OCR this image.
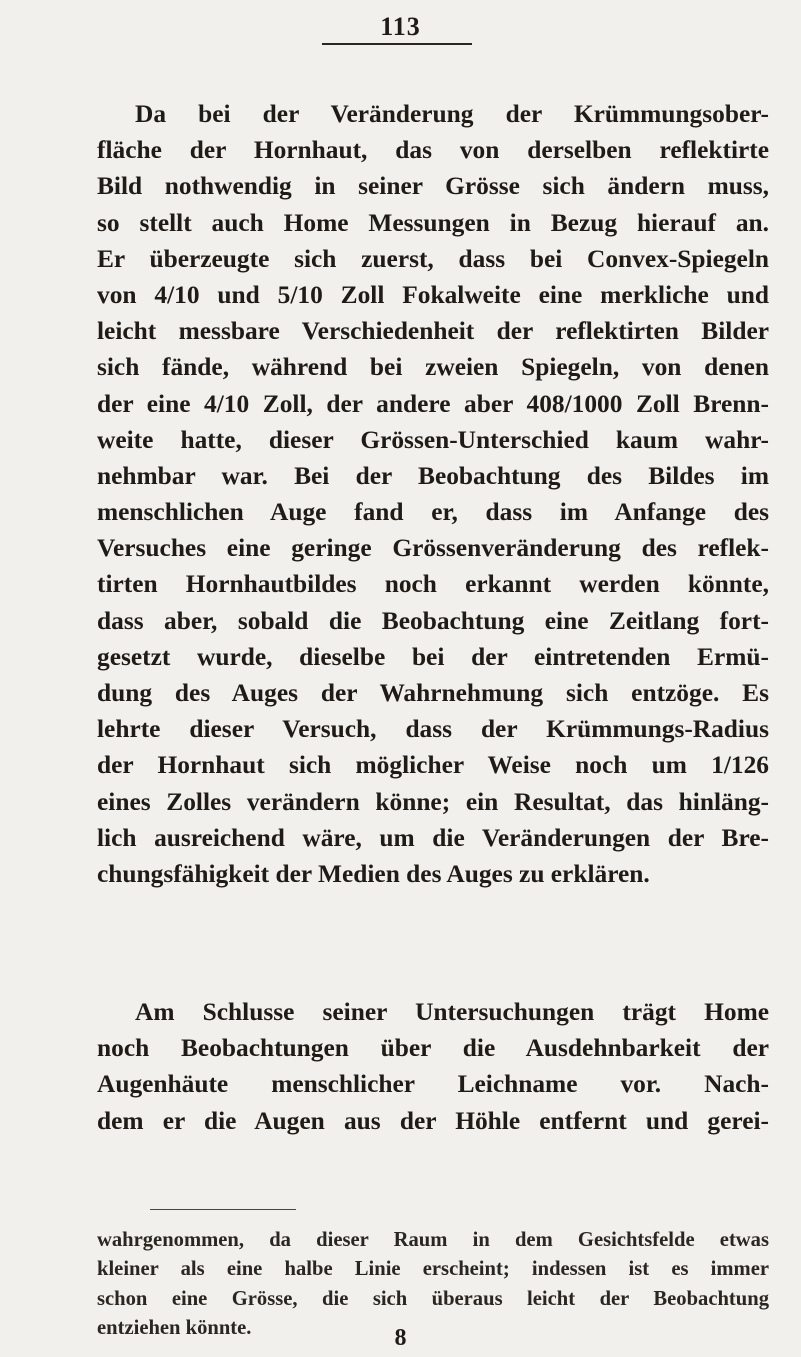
113
Da bei der Veränderung der Krümmungsober-
fläche der Hornhaut, das von derselben reflektirte
Bild nothwendig in seiner Grösse sich ändern muss,
so stellt auch Home Messungen in Bezug hierauf an.
Er überzeugte sich zuerst, dass bei Convex-Spiegeln
von 4/10 und 5/10 Zoll Fokalweite eine merkliche und
leicht messbare Verschiedenheit der reflektirten Bilder
sich fände, während bei zweien Spiegeln, von denen
der eine 4/10 Zoll, der andere aber 408/1000 Zoll Brenn-
weite hatte, dieser Grössen-Unterschied kaum wahr-
nehmbar war. Bei der Beobachtung des Bildes im
menschlichen Auge fand er, dass im Anfange des
Versuches eine geringe Grössenveränderung des reflek-
tirten Hornhautbildes noch erkannt werden könnte,
dass aber, sobald die Beobachtung eine Zeitlang fort-
gesetzt wurde, dieselbe bei der eintretenden Ermü-
dung des Auges der Wahrnehmung sich entzöge. Es
lehrte dieser Versuch, dass der Krümmungs-Radius
der Hornhaut sich möglicher Weise noch um 1/126
eines Zolles verändern könne; ein Resultat, das hinläng-
lich ausreichend wäre, um die Veränderungen der Bre-
chungsfähigkeit der Medien des Auges zu erklären.
Am Schlusse seiner Untersuchungen trägt Home
noch Beobachtungen über die Ausdehnbarkeit der
Augenhäute menschlicher Leichname vor. Nach-
dem er die Augen aus der Höhle entfernt und gerei-
wahrgenommen, da dieser Raum in dem Gesichtsfelde etwas
kleiner als eine halbe Linie erscheint; indessen ist es immer
schon eine Grösse, die sich überaus leicht der Beobachtung
entziehen könnte.	8
